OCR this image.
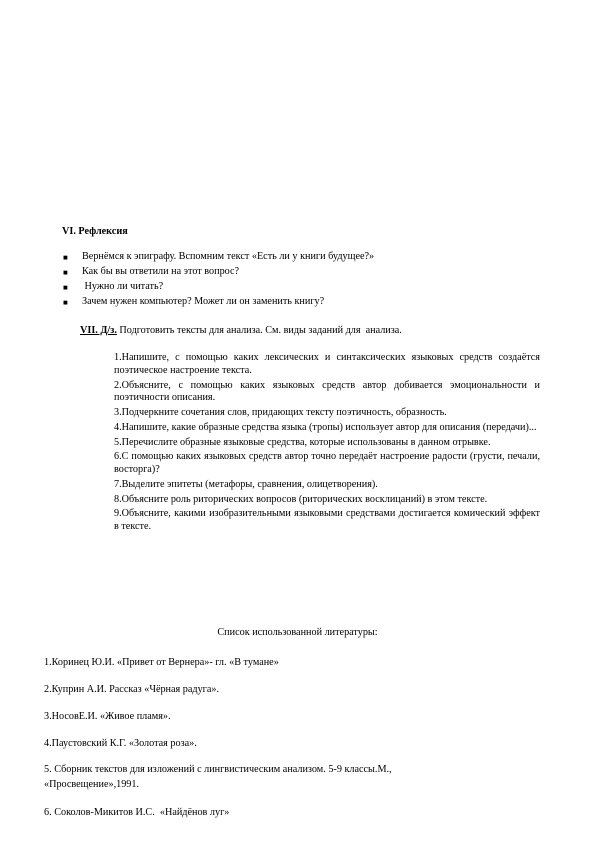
VI. Рефлексия
■ Вернёмся к эпиграфу. Вспомним текст «Есть ли у книги будущее?»
■ Как бы вы ответили на этот вопрос?
■ Нужно ли читать?
■ Зачем нужен компьютер? Может ли он заменить книгу?
VII. Д/з. Подготовить тексты для анализа. См. виды заданий для  анализа.

1.Напишите, с помощью каких лексических и синтаксических языковых средств создаётся поэтическое настроение текста.

2.Объясните, с помощью каких языковых средств автор добивается эмоциональности и поэтичности описания.

3.Подчеркните сочетания слов, придающих тексту поэтичность, образность.

4.Напишите, какие образные средства языка (тропы) использует автор для описания (передачи)...

5.Перечислите образные языковые средства, которые использованы в данном отрывке.

6.С помощью каких языковых средств автор точно передаёт настроение радости (грусти, печали, восторга)?

7.Выделите эпитеты (метафоры, сравнения, олицетворения).

8.Объясните роль риторических вопросов (риторических восклицаний) в этом тексте.

9.Объясните, какими изобразительными языковыми средствами достигается комический эффект в тексте.

Список использованной литературы:
1.Коринец Ю.И. «Привет от Вернера»- гл. «В тумане»
2.Куприн А.И. Рассказ «Чёрная радуга».
3.НосовЕ.И. «Живое пламя».
4.Паустовский К.Г. «Золотая роза».
5. Сборник текстов для изложений с лингвистическим анализом. 5-9 классы.М.,
«Просвещение»,1991.
6. Соколов-Микитов И.С.  «Найдёнов луг»
